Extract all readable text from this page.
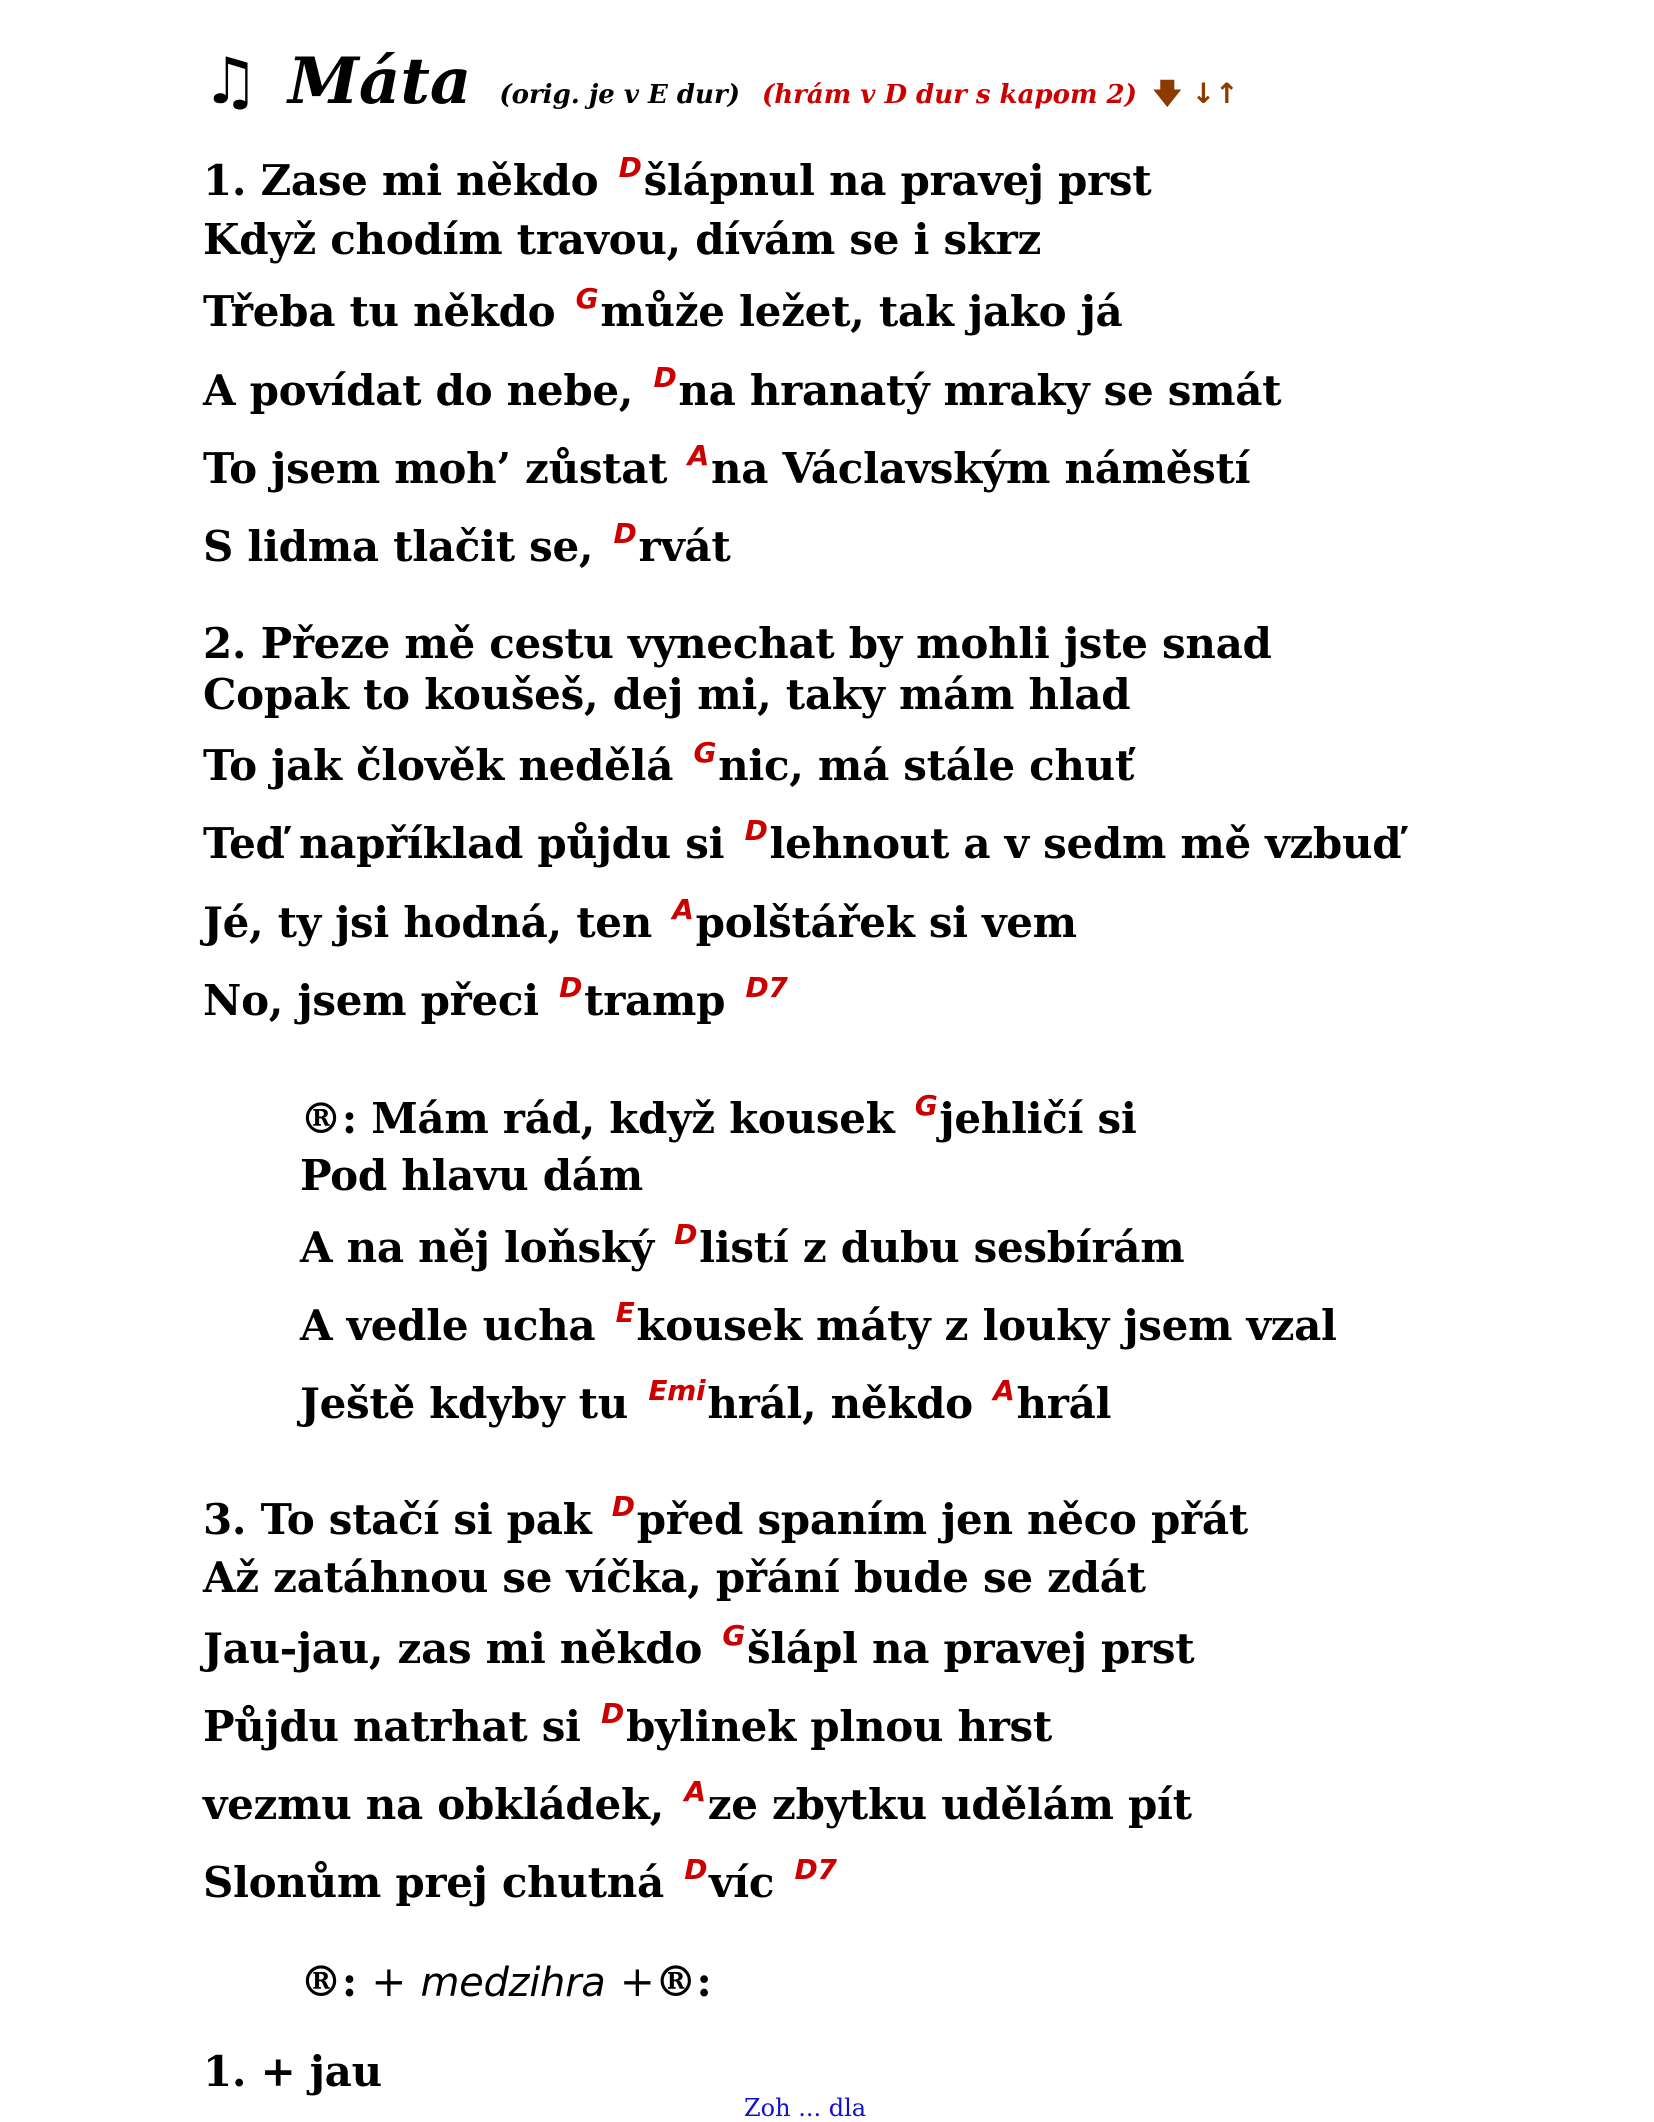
♫ Máta (orig. je v E dur) (hrám v D dur s kapom 2) 🡇 ↓↑
1. Zase mi někdo Dšlápnul na pravej prst
Když chodím travou, dívám se i skrz
Třeba tu někdo Gmůže ležet, tak jako já
A povídat do nebe, Dna hranatý mraky se smát
To jsem moh’ zůstat Ana Václavským náměstí
S lidma tlačit se, Drvát
2. Přeze mě cestu vynechat by mohli jste snad
Copak to koušeš, dej mi, taky mám hlad
To jak člověk nedělá Gnic, má stále chuť
Teď například půjdu si Dlehnout a v sedm mě vzbuď
Jé, ty jsi hodná, ten Apolštářek si vem
No, jsem přeci Dtramp D7
®: Mám rád, když kousek Gjehličí si
Pod hlavu dám
A na něj loňský Dlistí z dubu sesbírám
A vedle ucha Ekousek máty z louky jsem vzal
Ještě kdyby tu Emihrál, někdo Ahrál
3. To stačí si pak Dpřed spaním jen něco přát
Až zatáhnou se víčka, přání bude se zdát
Jau-jau, zas mi někdo Gšlápl na pravej prst
Půjdu natrhat si Dbylinek plnou hrst
vezmu na obkládek, Aze zbytku udělám pít
Slonům prej chutná Dvíc D7
®: + medzihra +®:
1. + jau
Zoh ... dla
